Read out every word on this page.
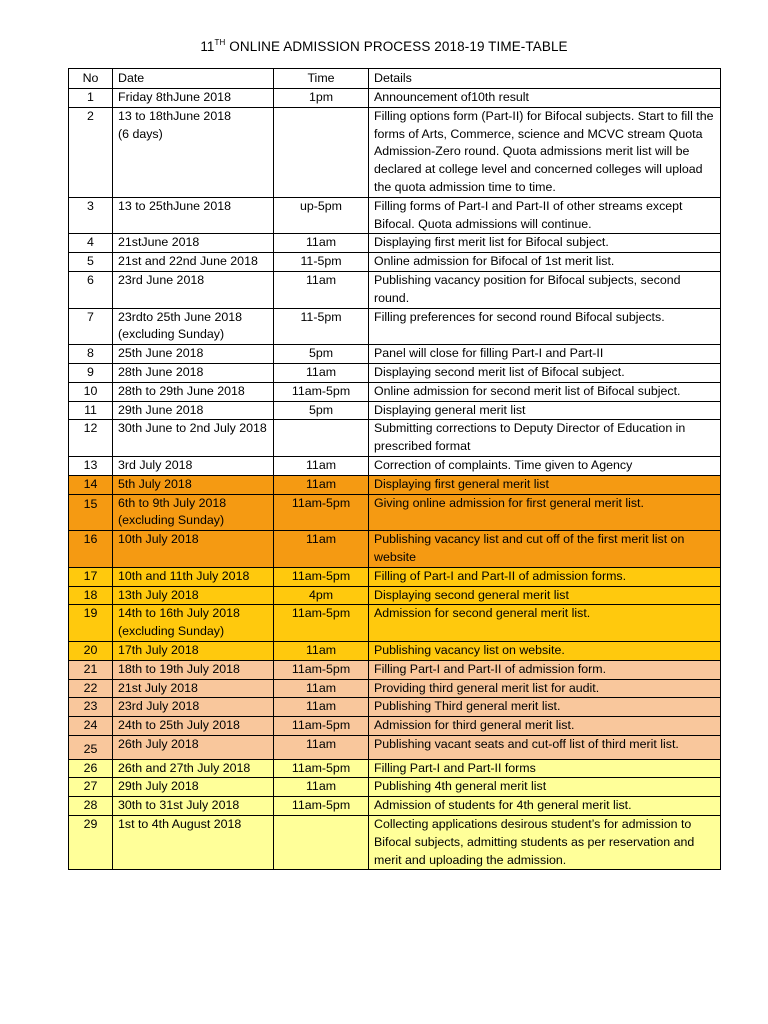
11TH ONLINE ADMISSION PROCESS 2018-19 TIME-TABLE
No	Date	Time	Details
1	Friday 8thJune 2018	1pm	Announcement of10th result
2	13 to 18thJune 2018
(6 days)		Filling options form (Part-II) for Bifocal subjects. Start to fill the forms of Arts, Commerce, science and MCVC stream Quota Admission-Zero round. Quota admissions merit list will be declared at college level and concerned colleges will upload the quota admission time to time.
3	13 to 25thJune 2018	up-5pm	Filling forms of Part-I and Part-II of other streams except Bifocal. Quota admissions will continue.
4	21stJune 2018	11am	Displaying first merit list for Bifocal subject.
5	21st and 22nd June 2018	11-5pm	Online admission for Bifocal of 1st merit list.
6	23rd June 2018	11am	Publishing vacancy position for Bifocal subjects, second round.
7	23rdto 25th June 2018
(excluding Sunday)	11-5pm	Filling preferences for second round Bifocal subjects.
8	25th June 2018	5pm	Panel will close for filling Part-I and Part-II
9	28th June 2018	11am	Displaying second merit list of Bifocal subject.
10	28th to 29th June 2018	11am-5pm	Online admission for second merit list of Bifocal subject.
11	29th June 2018	5pm	Displaying general merit list
12	30th June to 2nd July 2018		Submitting corrections to Deputy Director of Education in prescribed format
13	3rd July 2018	11am	Correction of complaints. Time given to Agency
14	5th July 2018	11am	Displaying first general merit list
15	6th to 9th July 2018
(excluding Sunday)	11am-5pm	Giving online admission for first general merit list.
16	10th July 2018	11am	Publishing vacancy list and cut off of the first merit list on website
17	10th and 11th July 2018	11am-5pm	Filling of Part-I and Part-II of admission forms.
18	13th July 2018	4pm	Displaying second general merit list
19	14th to 16th July 2018
(excluding Sunday)	11am-5pm	Admission for second general merit list.
20	17th July 2018	11am	Publishing vacancy list on website.
21	18th to 19th July 2018	11am-5pm	Filling Part-I and Part-II of admission form.
22	21st July 2018	11am	Providing third general merit list for audit.
23	23rd July 2018	11am	Publishing Third general merit list.
24	24th to 25th July 2018	11am-5pm	Admission for third general merit list.
25	26th July 2018	11am	Publishing vacant seats and cut-off list of third merit list.
26	26th and 27th July 2018	11am-5pm	Filling Part-I and Part-II forms
27	29th July 2018	11am	Publishing 4th general merit list
28	30th to 31st July 2018	11am-5pm	Admission of students for 4th general merit list.
29	1st to 4th August 2018		Collecting applications desirous student’s for admission to Bifocal subjects, admitting students as per reservation and merit and uploading the admission.
